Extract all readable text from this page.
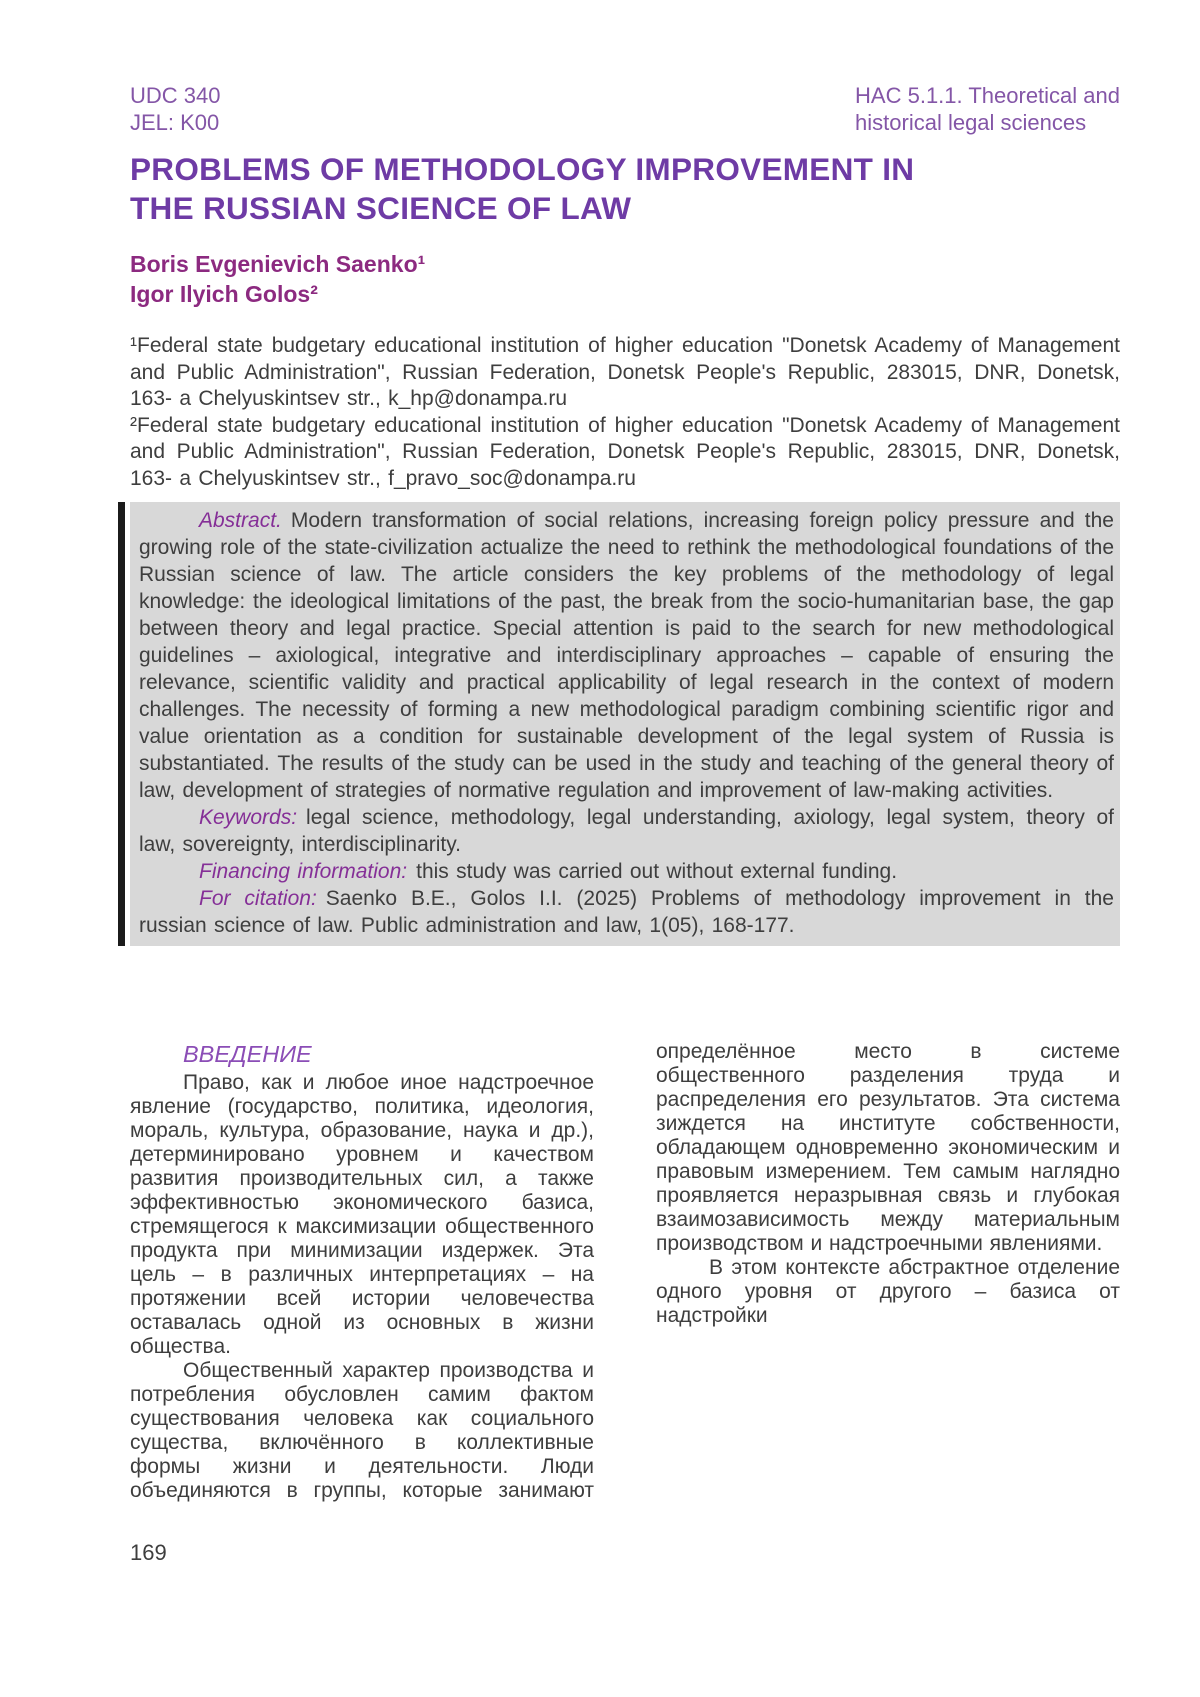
UDC 340
JEL: K00
HAC 5.1.1. Theoretical and
historical legal sciences
PROBLEMS OF METHODOLOGY IMPROVEMENT IN
THE RUSSIAN SCIENCE OF LAW
Boris Evgenievich Saenko¹
Igor Ilyich Golos²

¹Federal state budgetary educational institution of higher education "Donetsk Academy of Management and Public Administration", Russian Federation, Donetsk People's Republic, 283015, DNR, Donetsk, 163- a Chelyuskintsev str., k_hp@donampa.ru

²Federal state budgetary educational institution of higher education "Donetsk Academy of Management and Public Administration", Russian Federation, Donetsk People's Republic, 283015, DNR, Donetsk, 163- a Chelyuskintsev str., f_pravo_soc@donampa.ru

Abstract. Modern transformation of social relations, increasing foreign policy pressure and the growing role of the state-civilization actualize the need to rethink the methodological foundations of the Russian science of law. The article considers the key problems of the methodology of legal knowledge: the ideological limitations of the past, the break from the socio-humanitarian base, the gap between theory and legal practice. Special attention is paid to the search for new methodological guidelines – axiological, integrative and interdisciplinary approaches – capable of ensuring the relevance, scientific validity and practical applicability of legal research in the context of modern challenges. The necessity of forming a new methodological paradigm combining scientific rigor and value orientation as a condition for sustainable development of the legal system of Russia is substantiated. The results of the study can be used in the study and teaching of the general theory of law, development of strategies of normative regulation and improvement of law-making activities.

Keywords: legal science, methodology, legal understanding, axiology, legal system, theory of law, sovereignty, interdisciplinarity.

Financing information: this study was carried out without external funding.

For citation: Saenko B.E., Golos I.I. (2025) Problems of methodology improvement in the russian science of law. Public administration and law, 1(05), 168-177.

ВВЕДЕНИЕ

Право, как и любое иное надстроечное явление (государство, политика, идеология, мораль, культура, образование, наука и др.), детерминировано уровнем и качеством развития производительных сил, а также эффективностью экономического базиса, стремящегося к максимизации общественного продукта при минимизации издержек. Эта цель – в различных интерпретациях – на протяжении всей истории человечества оставалась одной из основных в жизни общества.

Общественный характер производства и потребления обусловлен самим фактом существования человека как социального существа, включённого в коллективные формы жизни и деятельности. Люди объединяются в группы, которые занимают определённое место в системе общественного разделения труда и распределения его результатов. Эта система зиждется на институте собственности, обладающем одновременно экономическим и правовым измерением. Тем самым наглядно проявляется неразрывная связь и глубокая взаимозависимость между материальным производством и надстроечными явлениями.

В этом контексте абстрактное отделение одного уровня от другого – базиса от надстройки

169
